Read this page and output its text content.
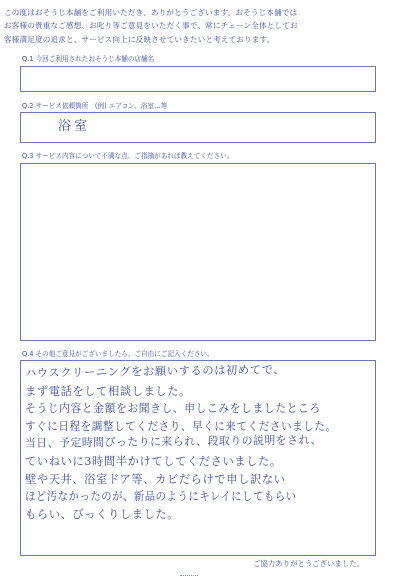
この度はおそうじ本舗をご利用いただき、ありがとうございます。おそうじ本舗では

お客様の貴重なご感想、お叱り等ご意見をいただく事で、常にチェーン全体としてお

客様満足度の追求と、サービス向上に反映させていきたいと考えております。

Q.1 今回ご利用されたおそうじ本舗の店舗名
Q.2 サービス依頼箇所　(例) エアコン、浴室…等
浴室
Q.3 サービス内容について不満な点、ご指摘があれば教えてください。
Q.4 その他ご意見がございましたら、ご自由にご記入ください。
ハウスクリーニングをお願いするのは初めてで、
まず電話をして相談しました。
そうじ内容と金額をお聞きし、申しこみをしましたところ
すぐに日程を調整してくださり、早くに来てくださいました。
当日、予定時間ぴったりに来られ、段取りの説明をされ、
ていねいに3時間半かけてしてくださいました。
壁や天井、浴室ドア等、カビだらけで申し訳ない
ほど汚なかったのが、新品のようにキレイにしてもらい
もらい、びっくりしました。
ご協力ありがとうございました。
